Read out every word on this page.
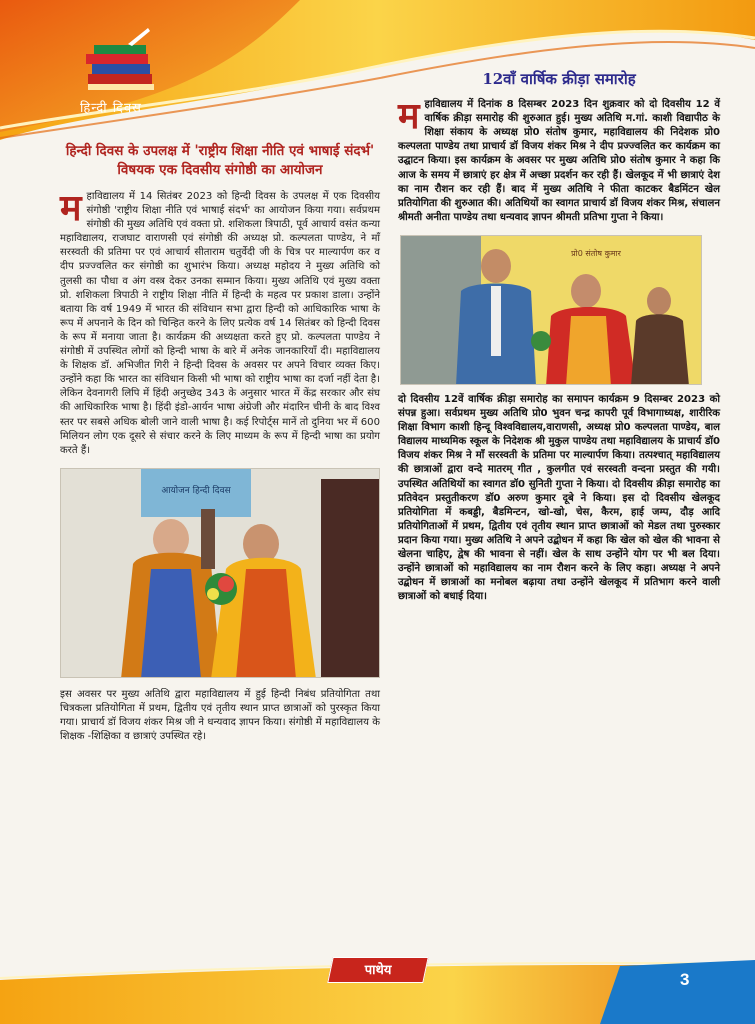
हिन्दी दिवस
हिन्दी दिवस के उपलक्ष में 'राष्ट्रीय शिक्षा नीति एवं भाषाई संदर्भ' विषयक एक दिवसीय संगोष्ठी का आयोजन

म हाविद्यालय में 14 सितंबर 2023 को हिन्दी दिवस के उपलक्ष में एक दिवसीय संगोष्ठी 'राष्ट्रीय शिक्षा नीति एवं भाषाई संदर्भ' का आयोजन किया गया। सर्वप्रथम संगोष्ठी की मुख्य अतिथि एवं वक्ता प्रो. शशिकला त्रिपाठी, पूर्व आचार्य वसंत कन्या महाविद्यालय, राजघाट वाराणसी एवं संगोष्ठी की अध्यक्ष प्रो. कल्पलता पाण्डेय, ने माँ सरस्वती की प्रतिमा पर एवं आचार्य सीताराम चतुर्वेदी जी के चित्र पर माल्यार्पण कर व दीप प्रज्ज्वलित कर संगोष्ठी का शुभारंभ किया। अध्यक्ष महोदय ने मुख्य अतिथि को तुलसी का पौधा व अंग वस्त्र देकर उनका सम्मान किया। मुख्य अतिथि एवं मुख्य वक्ता प्रो. शशिकला त्रिपाठी ने राष्ट्रीय शिक्षा नीति में हिन्दी के महत्व पर प्रकाश डाला। उन्होंने बताया कि वर्ष 1949 में भारत की संविधान सभा द्वारा हिन्दी को आधिकारिक भाषा के रूप में अपनाने के दिन को चिन्हित करने के लिए प्रत्येक वर्ष 14 सितंबर को हिन्दी दिवस के रूप में मनाया जाता है। कार्यक्रम की अध्यक्षता करते हुए प्रो. कल्पलता पाण्डेय ने संगोष्ठी में उपस्थित लोगों को हिन्दी भाषा के बारे में अनेक जानकारियाँ दी। महाविद्यालय के शिक्षक डॉ. अभिजीत गिरी ने हिन्दी दिवस के अवसर पर अपने विचार व्यक्त किए। उन्होंने कहा कि भारत का संविधान किसी भी भाषा को राष्ट्रीय भाषा का दर्जा नहीं देता है। लेकिन देवनागरी लिपि में हिंदी अनुच्छेद 343 के अनुसार भारत में केंद्र सरकार और संघ की आधिकारिक भाषा है। हिंदी इंडो-आर्यन भाषा अंग्रेजी और मंदारिन चीनी के बाद विश्व स्तर पर सबसे अधिक बोली जाने वाली भाषा है। कई रिपोर्ट्स मानें तो दुनिया भर में 600 मिलियन लोग एक दूसरे से संचार करने के लिए माध्यम के रूप में हिन्दी भाषा का प्रयोग करते हैं।

आयोजन हिन्दी दिवस

इस अवसर पर मुख्य अतिथि द्वारा महाविद्यालय में हुई हिन्दी निबंध प्रतियोगिता तथा चित्रकला प्रतियोगिता में प्रथम, द्वितीय एवं तृतीय स्थान प्राप्त छात्राओं को पुरस्कृत किया गया। प्राचार्य डॉ विजय शंकर मिश्र जी ने धन्यवाद ज्ञापन किया। संगोष्ठी में महाविद्यालय के शिक्षक -शिक्षिका व छात्राएं उपस्थित रहे।

12वाँ वार्षिक क्रीड़ा समारोह

म हाविद्यालय में दिनांक 8 दिसम्बर 2023 दिन शुक्रवार को दो दिवसीय 12 वें वार्षिक क्रीड़ा समारोह की शुरुआत हुई। मुख्य अतिथि म.गां. काशी विद्यापीठ के शिक्षा संकाय के अध्यक्ष प्रो0 संतोष कुमार, महाविद्यालय की निदेशक प्रो0 कल्पलता पाण्डेय तथा प्राचार्य डॉ विजय शंकर मिश्र ने दीप प्रज्ज्वलित कर कार्यक्रम का उद्घाटन किया। इस कार्यक्रम के अवसर पर मुख्य अतिथि प्रो0 संतोष कुमार ने कहा कि आज के समय में छात्राएं हर क्षेत्र में अच्छा प्रदर्शन कर रही हैं। खेलकूद में भी छात्राएं देश का नाम रौशन कर रही हैं। बाद में मुख्य अतिथि ने फीता काटकर बैडमिंटन खेल प्रतियोगिता की शुरुआत की। अतिथियों का स्वागत प्राचार्य डॉ विजय शंकर मिश्र, संचालन श्रीमती अनीता पाण्डेय तथा धन्यवाद ज्ञापन श्रीमती प्रतिभा गुप्ता ने किया।

प्रो0 संतोष कुमार

दो दिवसीय 12वें वार्षिक क्रीड़ा समारोह का समापन कार्यक्रम 9 दिसम्बर 2023 को संपन्न हुआ। सर्वप्रथम मुख्य अतिथि प्रो0 भुवन चन्द्र कापरी पूर्व विभागाध्यक्ष, शारीरिक शिक्षा विभाग काशी हिन्दू विश्वविद्यालय,वाराणसी, अध्यक्ष प्रो0 कल्पलता पाण्डेय, बाल विद्यालय माध्यमिक स्कूल के निदेशक श्री मुकुल पाण्डेय तथा महाविद्यालय के प्राचार्य डॉ0 विजय शंकर मिश्र ने माँ सरस्वती के प्रतिमा पर माल्यार्पण किया। तत्पश्चात् महाविद्यालय की छात्राओं द्वारा वन्दे मातरम् गीत , कुलगीत एवं सरस्वती वन्दना प्रस्तुत की गयी।उपस्थित अतिथियों का स्वागत डॉ0 सुनिती गुप्ता ने किया। दो दिवसीय क्रीड़ा समारोह का प्रतिवेदन प्रस्तुतीकरण डॉ0 अरुण कुमार दूबे ने किया। इस दो दिवसीय खेलकूद प्रतियोगिता में कबड्डी, बैडमिन्टन, खो-खो, चेस, कैरम, हाई जम्प, दौड़ आदि प्रतियोगिताओं में प्रथम, द्वितीय एवं तृतीय स्थान प्राप्त छात्राओं को मेडल तथा पुरुस्कार प्रदान किया गया। मुख्य अतिथि ने अपने उद्बोधन में कहा कि खेल को खेल की भावना से खेलना चाहिए, द्वेष की भावना से नहीं। खेल के साथ उन्होंने योग पर भी बल दिया। उन्होंने छात्राओं को महाविद्यालय का नाम रौशन करने के लिए कहा। अध्यक्ष ने अपने उद्बोधन में छात्राओं का मनोबल बढ़ाया तथा उन्होंने खेलकूद में प्रतिभाग करने वाली छात्राओं को बधाई दिया।

पाथेय	3
